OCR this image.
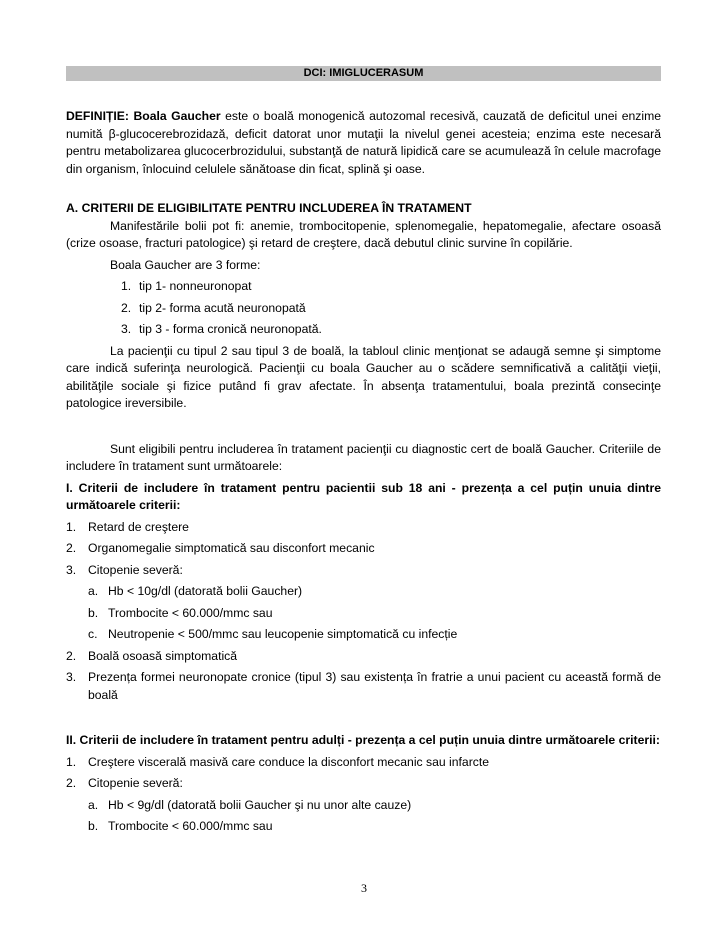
DCI: IMIGLUCERASUM

DEFINIȚIE: Boala Gaucher este o boală monogenică autozomal recesivă, cauzată de deficitul unei enzime numită β-glucocerebrozidază, deficit datorat unor mutaţii la nivelul genei acesteia; enzima este necesară pentru metabolizarea glucocerbrozidului, substanţă de natură lipidică care se acumulează în celule macrofage din organism, înlocuind celulele sănătoase din ficat, splină şi oase.

A. CRITERII DE ELIGIBILITATE PENTRU INCLUDEREA ÎN TRATAMENT

Manifestările bolii pot fi: anemie, trombocitopenie, splenomegalie, hepatomegalie, afectare osoasă (crize osoase, fracturi patologice) şi retard de creştere, dacă debutul clinic survine în copilărie.

Boala Gaucher are 3 forme:

1. tip 1- nonneuronopat
2. tip 2- forma acută neuronopată
3. tip 3 - forma cronică neuronopată.

La pacienţii cu tipul 2 sau tipul 3 de boală, la tabloul clinic menţionat se adaugă semne şi simptome care indică suferinţa neurologică. Pacienţii cu boala Gaucher au o scădere semnificativă a calităţii vieţii, abilităţile sociale şi fizice putând fi grav afectate. În absenţa tratamentului, boala prezintă consecinţe patologice ireversibile.

Sunt eligibili pentru includerea în tratament pacienţii cu diagnostic cert de boală Gaucher. Criteriile de includere în tratament sunt următoarele:

I. Criterii de includere în tratament pentru pacientii sub 18 ani - prezența a cel puțin unuia dintre următoarele criterii:

1. Retard de creştere
2. Organomegalie simptomatică sau disconfort mecanic
3. Citopenie severă:
a. Hb < 10g/dl (datorată bolii Gaucher)
b. Trombocite < 60.000/mmc sau
c. Neutropenie < 500/mmc sau leucopenie simptomatică cu infecție
2. Boală osoasă simptomatică
3. Prezența formei neuronopate cronice (tipul 3) sau existența în fratrie a unui pacient cu această formă de boală

II. Criterii de includere în tratament pentru adulți - prezența a cel puțin unuia dintre următoarele criterii:

1. Creştere viscerală masivă care conduce la disconfort mecanic sau infarcte
2. Citopenie severă:
a. Hb < 9g/dl (datorată bolii Gaucher şi nu unor alte cauze)
b. Trombocite < 60.000/mmc sau
3
